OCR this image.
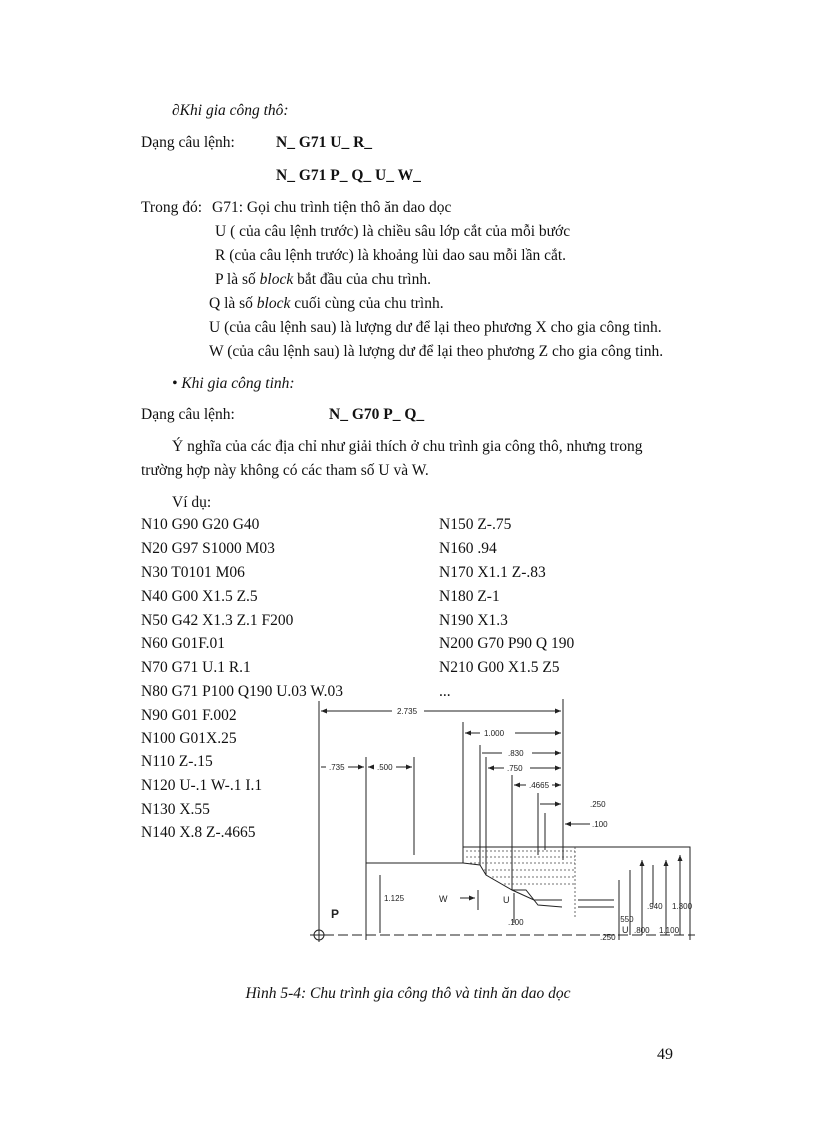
∂Khi gia công thô:
Dạng câu lệnh:	N_ G71 U_ R_
N_ G71 P_ Q_ U_ W_
Trong đó: G71: Gọi chu trình tiện thô ăn dao dọc
U ( của câu lệnh trước) là chiều sâu lớp cắt của mỗi bước
R (của câu lệnh trước) là khoảng lùi dao sau mỗi lần cắt.
P là số block bắt đầu của chu trình.
Q là số block cuối cùng của chu trình.
U (của câu lệnh sau) là lượng dư để lại theo phương X cho gia công tinh.
W (của câu lệnh sau) là lượng dư để lại theo phương Z cho gia công tinh.
• Khi gia công tinh:
Dạng câu lệnh:	N_ G70 P_ Q_
Ý nghĩa của các địa chỉ như giải thích ở chu trình gia công thô, nhưng trong
trường hợp này không có các tham số U và W.
Ví dụ:
N10 G90 G20 G40
N20 G97 S1000 M03
N30 T0101 M06
N40 G00 X1.5 Z.5
N50 G42 X1.3 Z.1 F200
N60 G01F.01
N70 G71 U.1 R.1
N80 G71 P100 Q190 U.03 W.03
N90 G01 F.002
N100 G01X.25
N110 Z-.15
N120 U-.1 W-.1 I.1
N130 X.55
N140 X.8 Z-.4665
N150 Z-.75
N160 .94
N170 X1.1 Z-.83
N180 Z-1
N190 X1.3
N200 G70 P90 Q 190
N210 G00 X1.5 Z5
...
2.735
1.000
.830
.750
.4665
.250
.100
.735	.500
1.125	W	U
U
P
.100	.550
.250
.800
.940
1.100
1.300
Hình 5-4: Chu trình gia công thô và tinh ăn dao dọc
49
